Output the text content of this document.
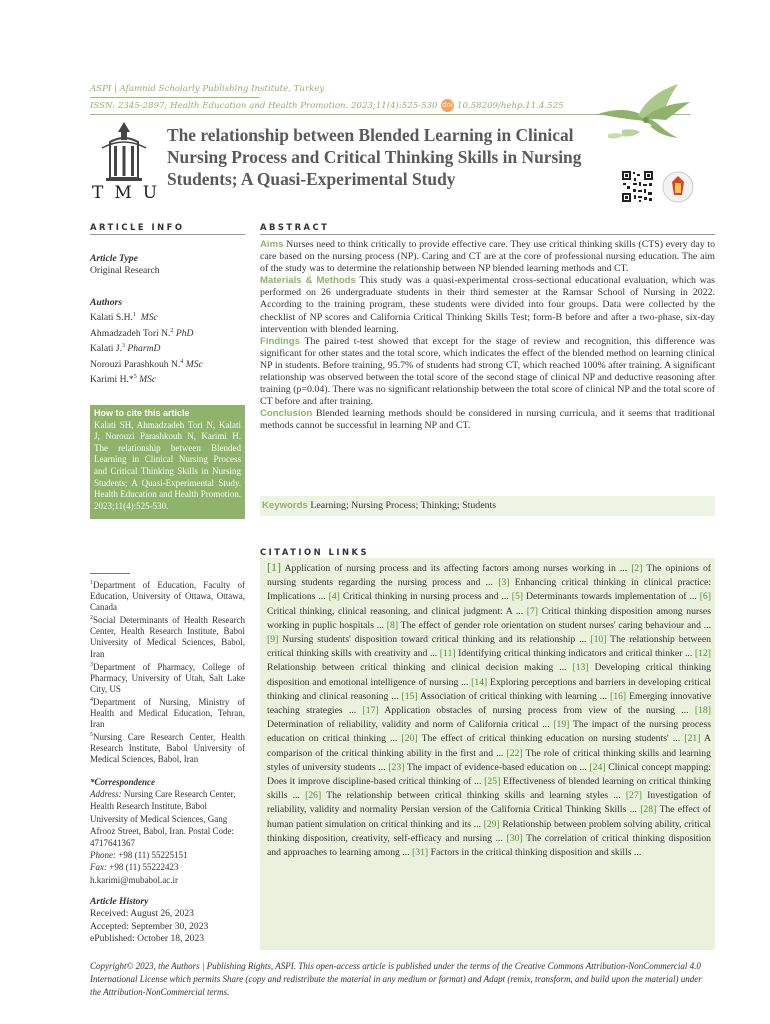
ASPI | Afamnid Scholarly Publishing Institute, Turkey
ISSN: 2345-2897; Health Education and Health Promotion. 2023;11(4):525-530 doi 10.58209/hehp.11.4.525
TMU
The relationship between Blended Learning in Clinical Nursing Process and Critical Thinking Skills in Nursing Students; A Quasi-Experimental Study
ARTICLE INFO	ABSTRACT
Article Type
Original Research
Authors
Kalati S.H.$^1$ MSc
Ahmadzadeh Tori N.$^2$ PhD
Kalati J.$^3$ PharmD
Norouzi Parashkouh N.$^4$ MSc
Karimi H.*$^5$ MSc
How to cite this article
Kalati SH, Ahmadzadeh Tori N, Kalati J, Norouzi Parashkouh N, Karimi H. The relationship between Blended Learning in Clinical Nursing Process and Critical Thinking Skills in Nursing Students; A Quasi-Experimental Study. Health Education and Health Promotion. 2023;11(4):525-530.
$^1$Department of Education, Faculty of Education, University of Ottawa, Ottawa, Canada
$^2$Social Determinants of Health Research Center, Health Research Institute, Babol University of Medical Sciences, Babol, Iran
$^3$Department of Pharmacy, College of Pharmacy, University of Utah, Salt Lake City, US
$^4$Department of Nursing, Ministry of Health and Medical Education, Tehran, Iran
$^5$Nursing Care Research Center, Health Research Institute, Babol University of Medical Sciences, Babol, Iran
*Correspondence
Address: Nursing Care Research Center, Health Research Institute, Babol University of Medical Sciences, Gang Afrooz Street, Babol, Iran. Postal Code: 4717641367
Phone: +98 (11) 55225151
Fax: +98 (11) 55222423
h.karimi@mubabol.ac.ir
Article History
Received: August 26, 2023
Accepted: September 30, 2023
ePublished: October 18, 2023
Aims Nurses need to think critically to provide effective care. They use critical thinking skills (CTS) every day to care based on the nursing process (NP). Caring and CT are at the core of professional nursing education. The aim of the study was to determine the relationship between NP blended learning methods and CT.
Materials & Methods This study was a quasi-experimental cross-sectional educational evaluation, which was performed on 26 undergraduate students in their third semester at the Ramsar School of Nursing in 2022. According to the training program, these students were divided into four groups. Data were collected by the checklist of NP scores and California Critical Thinking Skills Test; form-B before and after a two-phase, six-day intervention with blended learning.
Findings The paired t-test showed that except for the stage of review and recognition, this difference was significant for other states and the total score, which indicates the effect of the blended method on learning clinical NP in students. Before training, 95.7% of students had strong CT, which reached 100% after training. A significant relationship was observed between the total score of the second stage of clinical NP and deductive reasoning after training (p=0.04). There was no significant relationship between the total score of clinical NP and the total score of CT before and after training.
Conclusion Blended learning methods should be considered in nursing curricula, and it seems that traditional methods cannot be successful in learning NP and CT.
Keywords Learning; Nursing Process; Thinking; Students
CITATION LINKS
[1] Application of nursing process and its affecting factors among nurses working in ... [2] The opinions of nursing students regarding the nursing process and ... [3] Enhancing critical thinking in clinical practice: Implications ... [4] Critical thinking in nursing process and ... [5] Determinants towards implementation of ... [6] Critical thinking, clinical reasoning, and clinical judgment: A ... [7] Critical thinking disposition among nurses working in puplic hospitals ... [8] The effect of gender role orientation on student nurses' caring behaviour and ... [9] Nursing students' disposition toward critical thinking and its relationship ... [10] The relationship between critical thinking skills with creativity and ... [11] Identifying critical thinking indicators and critical thinker ... [12] Relationship between critical thinking and clinical decision making ... [13] Developing critical thinking disposition and emotional intelligence of nursing ... [14] Exploring perceptions and barriers in developing critical thinking and clinical reasoning ... [15] Association of critical thinking with learning ... [16] Emerging innovative teaching strategies ... [17] Application obstacles of nursing process from view of the nursing ... [18] Determination of reliability, validity and norm of California critical ... [19] The impact of the nursing process education on critical thinking ... [20] The effect of critical thinking education on nursing students' ... [21] A comparison of the critical thinking ability in the first and ... [22] The role of critical thinking skills and learning styles of university students ... [23] The impact of evidence-based education on ... [24] Clinical concept mapping: Does it improve discipline-based critical thinking of ... [25] Effectiveness of blended learning on critical thinking skills ... [26] The relationship between critical thinking skills and learning styles ... [27] Investigation of reliability, validity and normality Persian version of the California Critical Thinking Skills ... [28] The effect of human patient simulation on critical thinking and its ... [29] Relationship between problem solving ability, critical thinking disposition, creativity, self-efficacy and nursing ... [30] The correlation of critical thinking disposition and approaches to learning among ... [31] Factors in the critical thinking disposition and skills ...
Copyright© 2023, the Authors | Publishing Rights, ASPI. This open-access article is published under the terms of the Creative Commons Attribution-NonCommercial 4.0 International License which permits Share (copy and redistribute the material in any medium or format) and Adapt (remix, transform, and build upon the material) under the Attribution-NonCommercial terms.
